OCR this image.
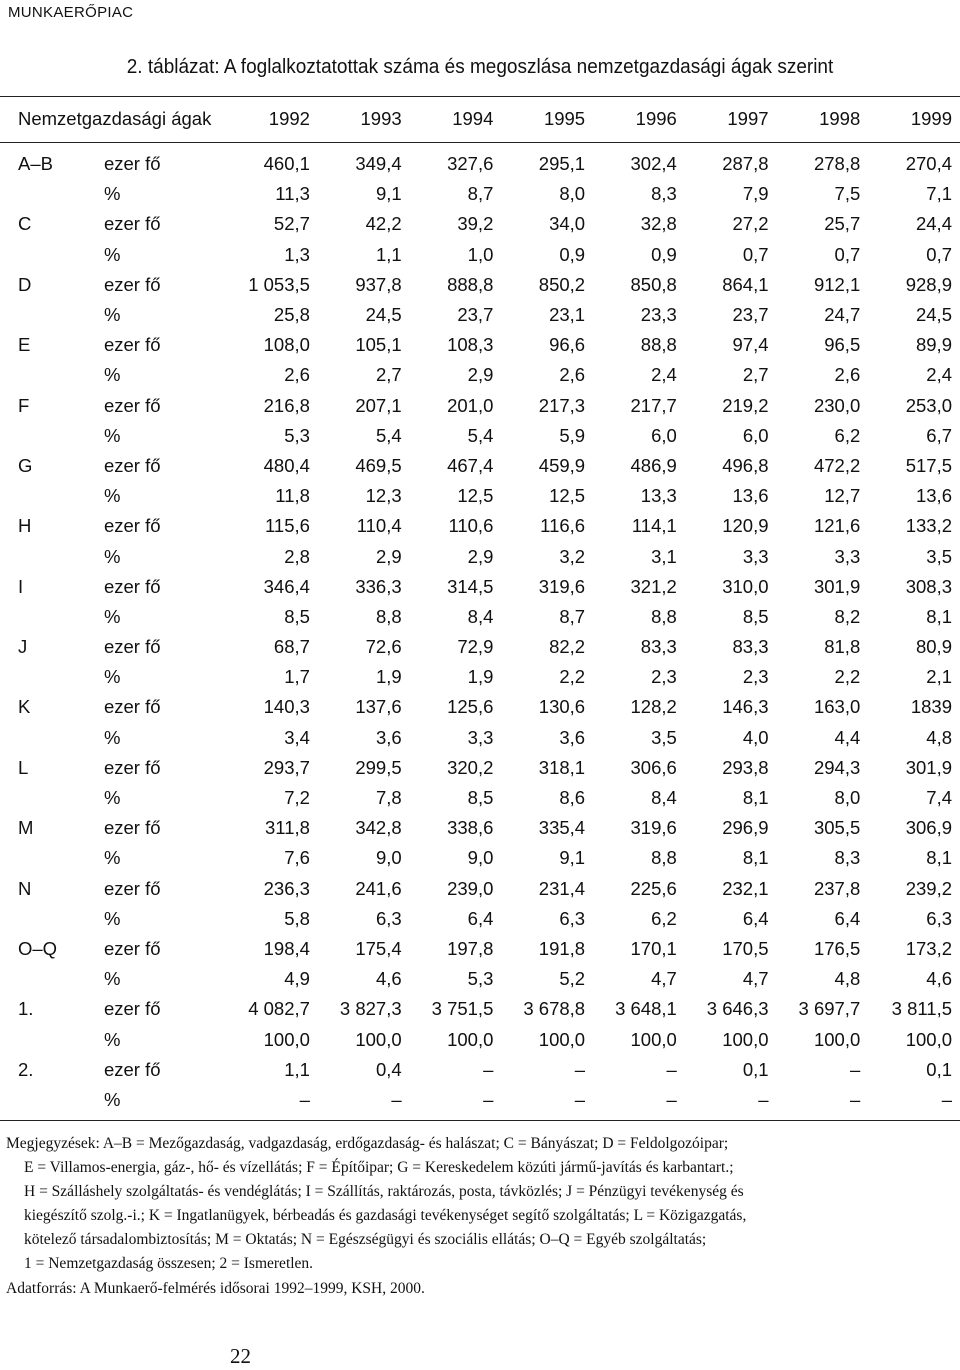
MUNKAERŐPIAC
2. táblázat: A foglalkoztatottak száma és megoszlása nemzetgazdasági ágak szerint
Nemzetgazdasági ágak		1992	1993	1994	1995	1996	1997	1998	1999

A–B	ezer fő	460,1	349,4	327,6	295,1	302,4	287,8	278,8	270,4
	%	11,3	9,1	8,7	8,0	8,3	7,9	7,5	7,1
C	ezer fő	52,7	42,2	39,2	34,0	32,8	27,2	25,7	24,4
	%	1,3	1,1	1,0	0,9	0,9	0,7	0,7	0,7
D	ezer fő	1 053,5	937,8	888,8	850,2	850,8	864,1	912,1	928,9
	%	25,8	24,5	23,7	23,1	23,3	23,7	24,7	24,5
E	ezer fő	108,0	105,1	108,3	96,6	88,8	97,4	96,5	89,9
	%	2,6	2,7	2,9	2,6	2,4	2,7	2,6	2,4
F	ezer fő	216,8	207,1	201,0	217,3	217,7	219,2	230,0	253,0
	%	5,3	5,4	5,4	5,9	6,0	6,0	6,2	6,7
G	ezer fő	480,4	469,5	467,4	459,9	486,9	496,8	472,2	517,5
	%	11,8	12,3	12,5	12,5	13,3	13,6	12,7	13,6
H	ezer fő	115,6	110,4	110,6	116,6	114,1	120,9	121,6	133,2
	%	2,8	2,9	2,9	3,2	3,1	3,3	3,3	3,5
I	ezer fő	346,4	336,3	314,5	319,6	321,2	310,0	301,9	308,3
	%	8,5	8,8	8,4	8,7	8,8	8,5	8,2	8,1
J	ezer fő	68,7	72,6	72,9	82,2	83,3	83,3	81,8	80,9
	%	1,7	1,9	1,9	2,2	2,3	2,3	2,2	2,1
K	ezer fő	140,3	137,6	125,6	130,6	128,2	146,3	163,0	1839
	%	3,4	3,6	3,3	3,6	3,5	4,0	4,4	4,8
L	ezer fő	293,7	299,5	320,2	318,1	306,6	293,8	294,3	301,9
	%	7,2	7,8	8,5	8,6	8,4	8,1	8,0	7,4
M	ezer fő	311,8	342,8	338,6	335,4	319,6	296,9	305,5	306,9
	%	7,6	9,0	9,0	9,1	8,8	8,1	8,3	8,1
N	ezer fő	236,3	241,6	239,0	231,4	225,6	232,1	237,8	239,2
	%	5,8	6,3	6,4	6,3	6,2	6,4	6,4	6,3
O–Q	ezer fő	198,4	175,4	197,8	191,8	170,1	170,5	176,5	173,2
	%	4,9	4,6	5,3	5,2	4,7	4,7	4,8	4,6
1.	ezer fő	4 082,7	3 827,3	3 751,5	3 678,8	3 648,1	3 646,3	3 697,7	3 811,5
	%	100,0	100,0	100,0	100,0	100,0	100,0	100,0	100,0
2.	ezer fő	1,1	0,4	–	–	–	0,1	–	0,1
	%	–	–	–	–	–	–	–	–
Megjegyzések: A–B = Mezőgazdaság, vadgazdaság, erdőgazdaság- és halászat; C = Bányászat; D = Feldolgozóipar;
E = Villamos-energia, gáz-, hő- és vízellátás; F = Építőipar; G = Kereskedelem közúti jármű-javítás és karbantart.;
H = Szálláshely szolgáltatás- és vendéglátás; I = Szállítás, raktározás, posta, távközlés; J = Pénzügyi tevékenység és
kiegészítő szolg.-i.; K = Ingatlanügyek, bérbeadás és gazdasági tevékenységet segítő szolgáltatás; L = Közigazgatás,
kötelező társadalombiztosítás; M = Oktatás; N = Egészségügyi és szociális ellátás; O–Q = Egyéb szolgáltatás;
1 = Nemzetgazdaság összesen; 2 = Ismeretlen.
Adatforrás: A Munkaerő-felmérés idősorai 1992–1999, KSH, 2000.
22
